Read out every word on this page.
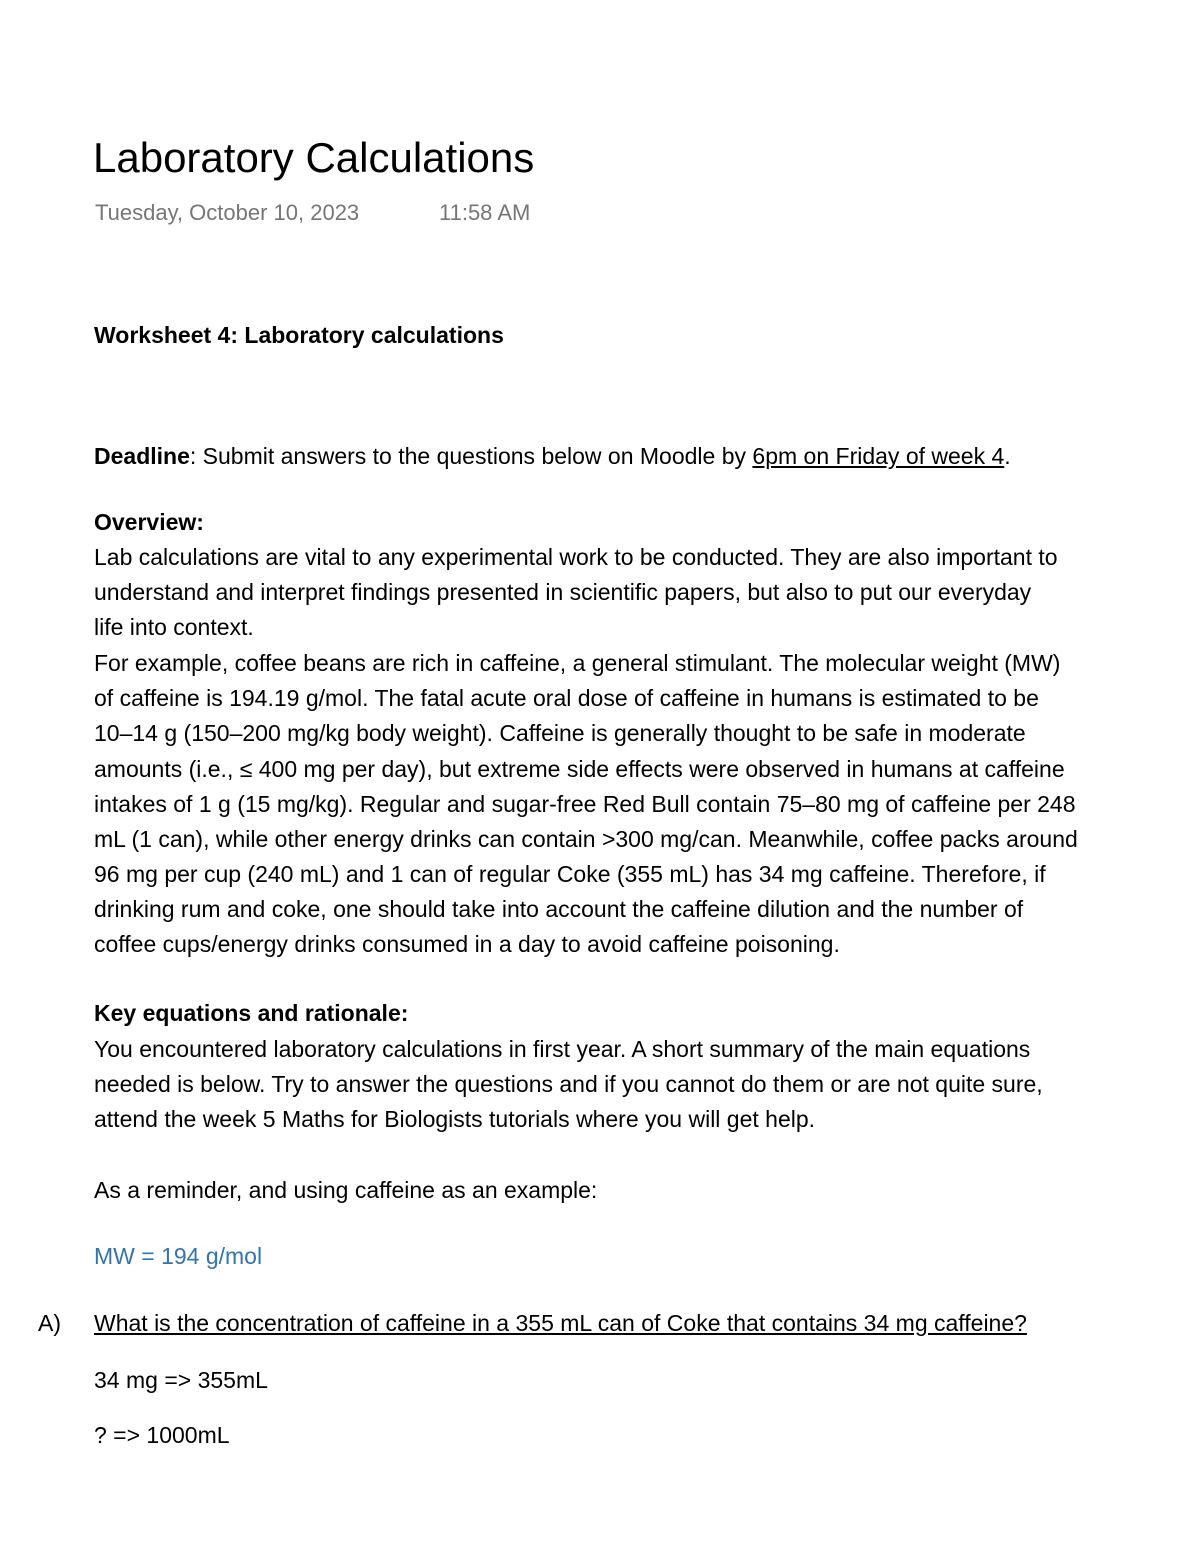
Laboratory Calculations
Tuesday, October 10, 2023	11:58 AM
Worksheet 4: Laboratory calculations
Deadline: Submit answers to the questions below on Moodle by 6pm on Friday of week 4.
Overview:
Lab calculations are vital to any experimental work to be conducted. They are also important to
understand and interpret findings presented in scientific papers, but also to put our everyday
life into context.
For example, coffee beans are rich in caffeine, a general stimulant. The molecular weight (MW)
of caffeine is 194.19 g/mol. The fatal acute oral dose of caffeine in humans is estimated to be
10–14 g (150–200 mg/kg body weight). Caffeine is generally thought to be safe in moderate
amounts (i.e., ≤ 400 mg per day), but extreme side effects were observed in humans at caffeine
intakes of 1 g (15 mg/kg). Regular and sugar-free Red Bull contain 75–80 mg of caffeine per 248
mL (1 can), while other energy drinks can contain >300 mg/can. Meanwhile, coffee packs around
96 mg per cup (240 mL) and 1 can of regular Coke (355 mL) has 34 mg caffeine. Therefore, if
drinking rum and coke, one should take into account the caffeine dilution and the number of
coffee cups/energy drinks consumed in a day to avoid caffeine poisoning.
Key equations and rationale:
You encountered laboratory calculations in first year. A short summary of the main equations
needed is below. Try to answer the questions and if you cannot do them or are not quite sure,
attend the week 5 Maths for Biologists tutorials where you will get help.
As a reminder, and using caffeine as an example:
MW = 194 g/mol
A) What is the concentration of caffeine in a 355 mL can of Coke that contains 34 mg caffeine?
34 mg => 355mL
? => 1000mL
